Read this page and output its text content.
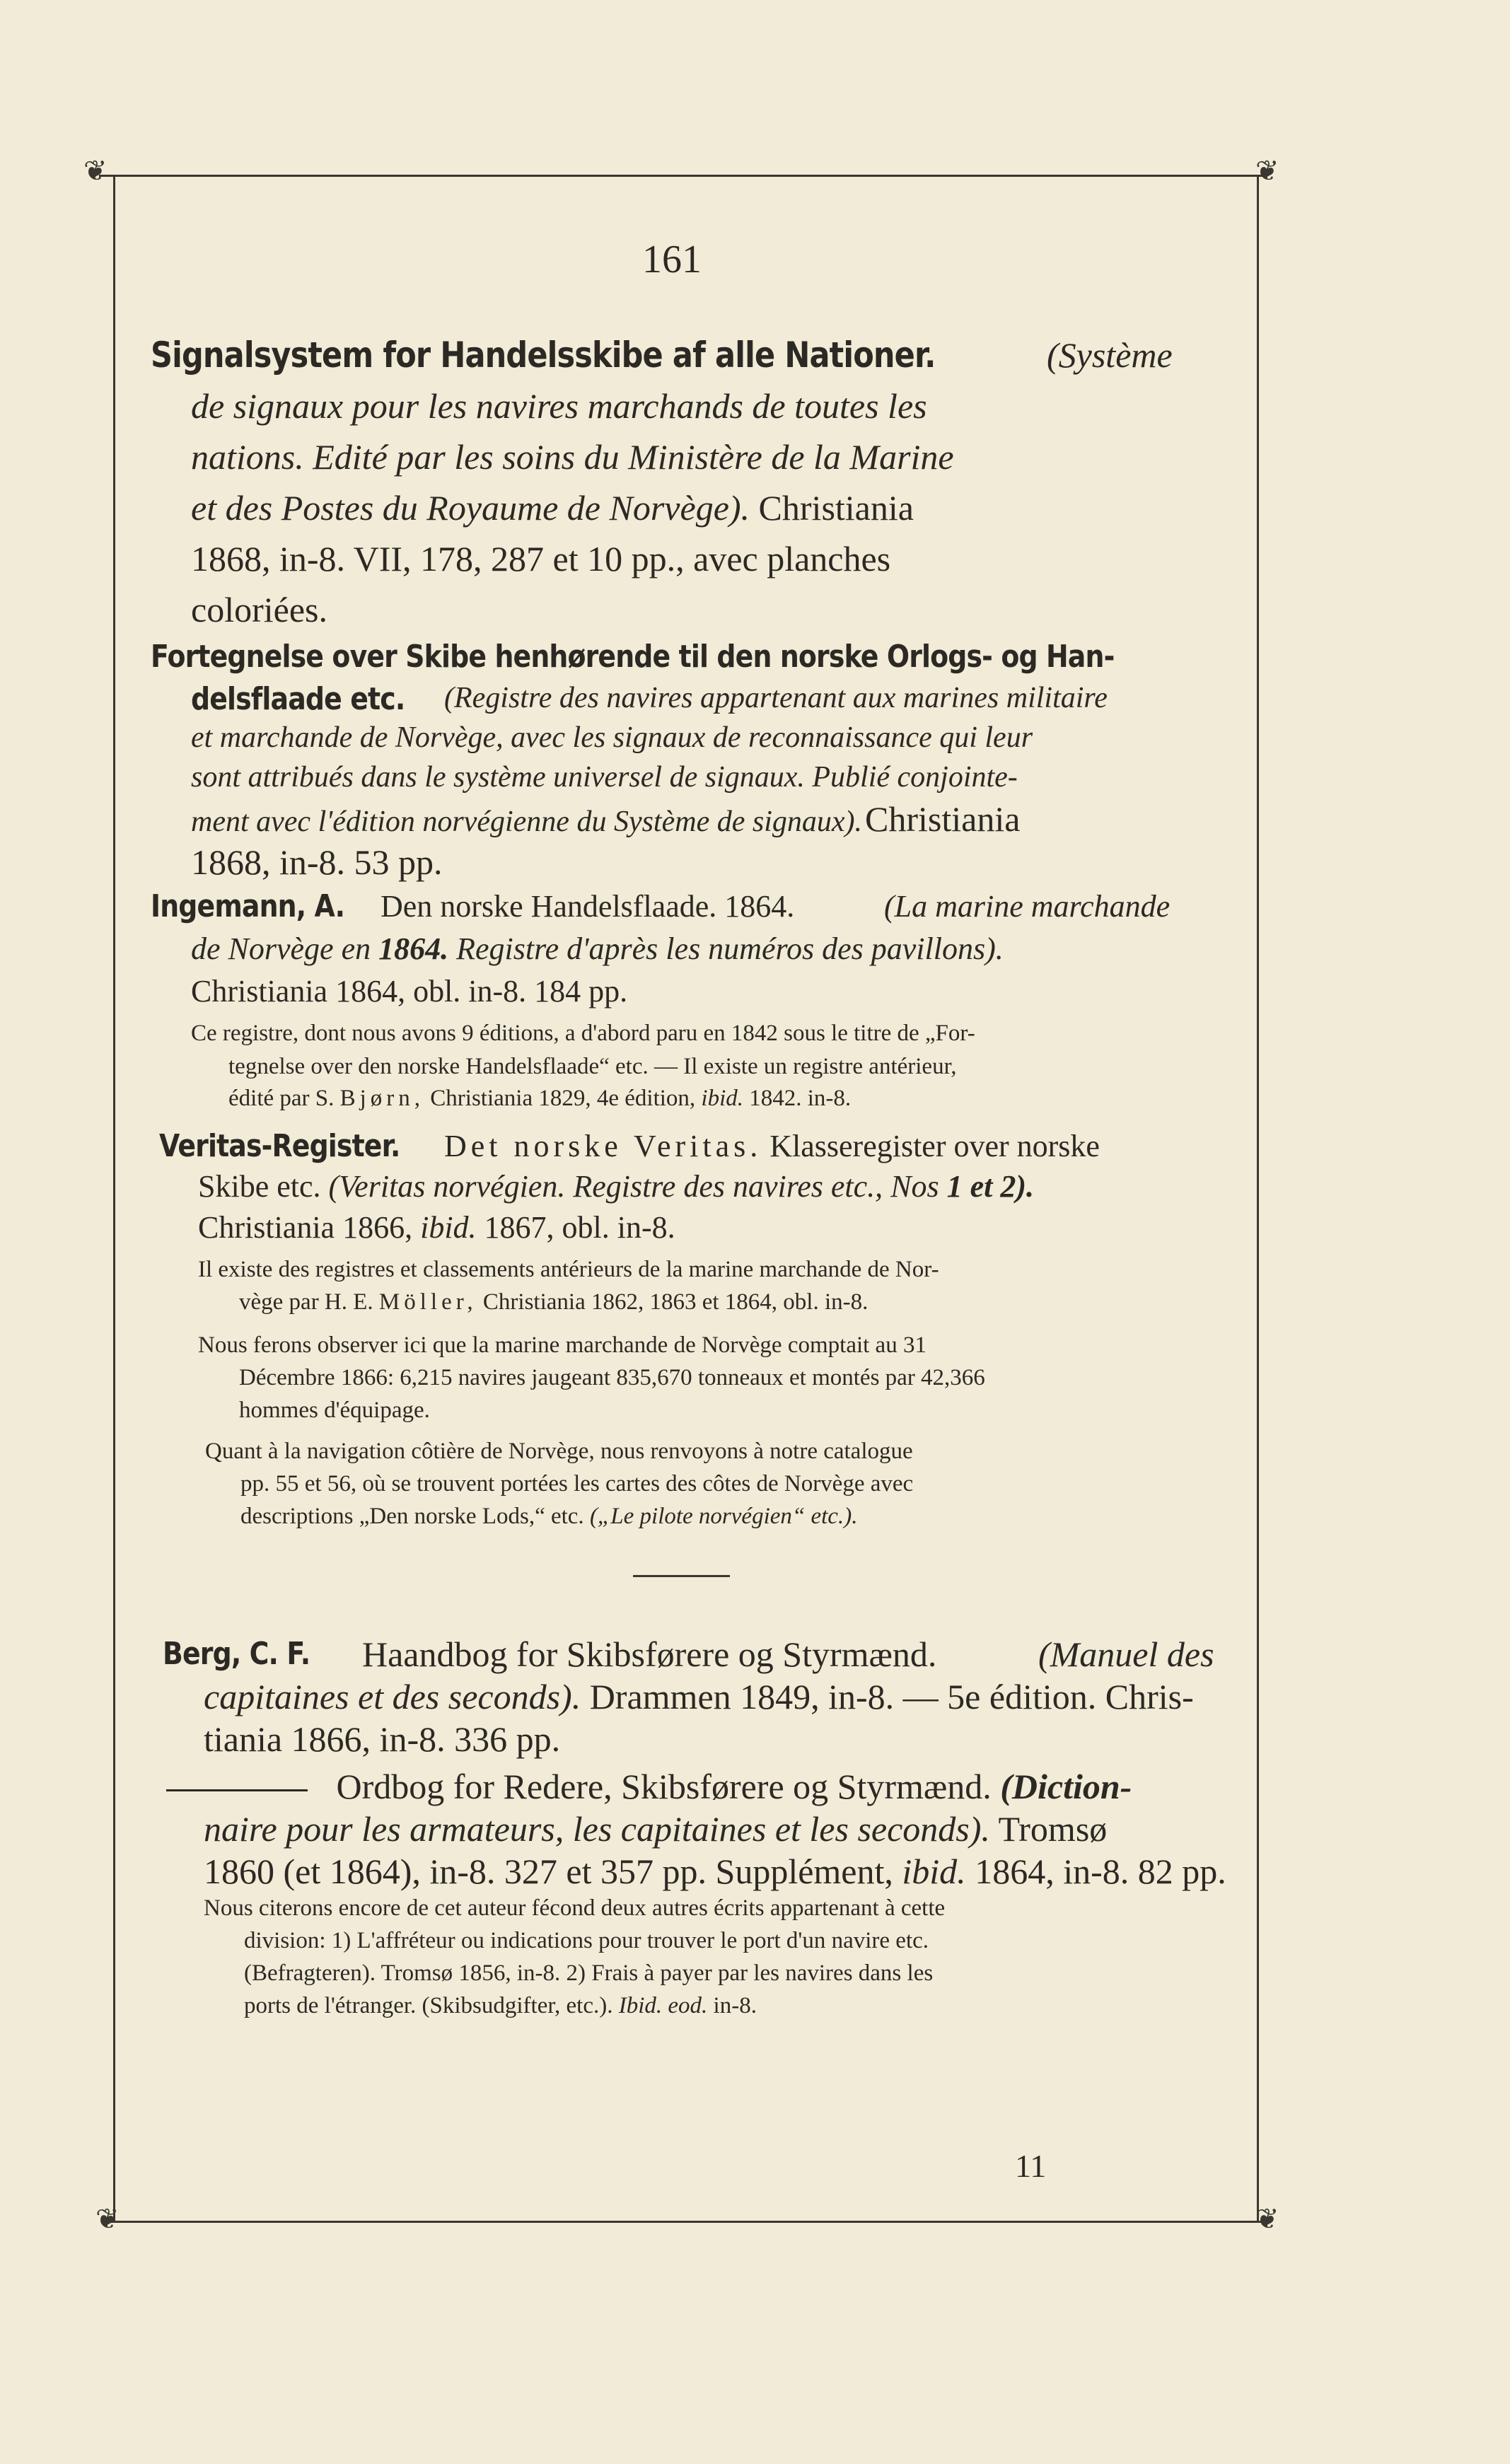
❦	❦
❦	❦
161
Signalsystem for Handelsskibe af alle Nationer.	(Système
de signaux pour les navires marchands de toutes les
nations. Edité par les soins du Ministère de la Marine
et des Postes du Royaume de Norvège). Christiania
1868, in-8. VII, 178, 287 et 10 pp., avec planches
coloriées.
Fortegnelse over Skibe henhørende til den norske Orlogs- og Han-
delsflaade etc.	(Registre des navires appartenant aux marines militaire
et marchande de Norvège, avec les signaux de reconnaissance qui leur
sont attribués dans le système universel de signaux. Publié conjointe-
ment avec l'édition norvégienne du Système de signaux). Christiania
1868, in-8. 53 pp.
Ingemann, A.	Den norske Handelsflaade. 1864.	(La marine marchande
de Norvège en 1864. Registre d'après les numéros des pavillons).
Christiania 1864, obl. in-8. 184 pp.
Ce registre, dont nous avons 9 éditions, a d'abord paru en 1842 sous le titre de „For-
tegnelse over den norske Handelsflaade“ etc. — Il existe un registre antérieur,
édité par S. Bjørn, Christiania 1829, 4e édition, ibid. 1842. in-8.
Veritas-Register.	Det norske Veritas. Klasseregister over norske
Skibe etc. (Veritas norvégien. Registre des navires etc., Nos 1 et 2).
Christiania 1866, ibid. 1867, obl. in-8.
Il existe des registres et classements antérieurs de la marine marchande de Nor-
vège par H. E. Möller, Christiania 1862, 1863 et 1864, obl. in-8.
Nous ferons observer ici que la marine marchande de Norvège comptait au 31
Décembre 1866: 6,215 navires jaugeant 835,670 tonneaux et montés par 42,366
hommes d'équipage.
Quant à la navigation côtière de Norvège, nous renvoyons à notre catalogue
pp. 55 et 56, où se trouvent portées les cartes des côtes de Norvège avec
descriptions „Den norske Lods,“ etc. („Le pilote norvégien“ etc.).
Berg, C. F.	Haandbog for Skibsførere og Styrmænd.	(Manuel des
capitaines et des seconds). Drammen 1849, in-8. — 5e édition. Chris-
tiania 1866, in-8. 336 pp.
Ordbog for Redere, Skibsførere og Styrmænd. (Diction-
naire pour les armateurs, les capitaines et les seconds). Tromsø
1860 (et 1864), in-8. 327 et 357 pp. Supplément, ibid. 1864, in-8. 82 pp.
Nous citerons encore de cet auteur fécond deux autres écrits appartenant à cette
division: 1) L'affréteur ou indications pour trouver le port d'un navire etc.
(Befragteren). Tromsø 1856, in-8. 2) Frais à payer par les navires dans les
ports de l'étranger. (Skibsudgifter, etc.). Ibid. eod. in-8.
11
